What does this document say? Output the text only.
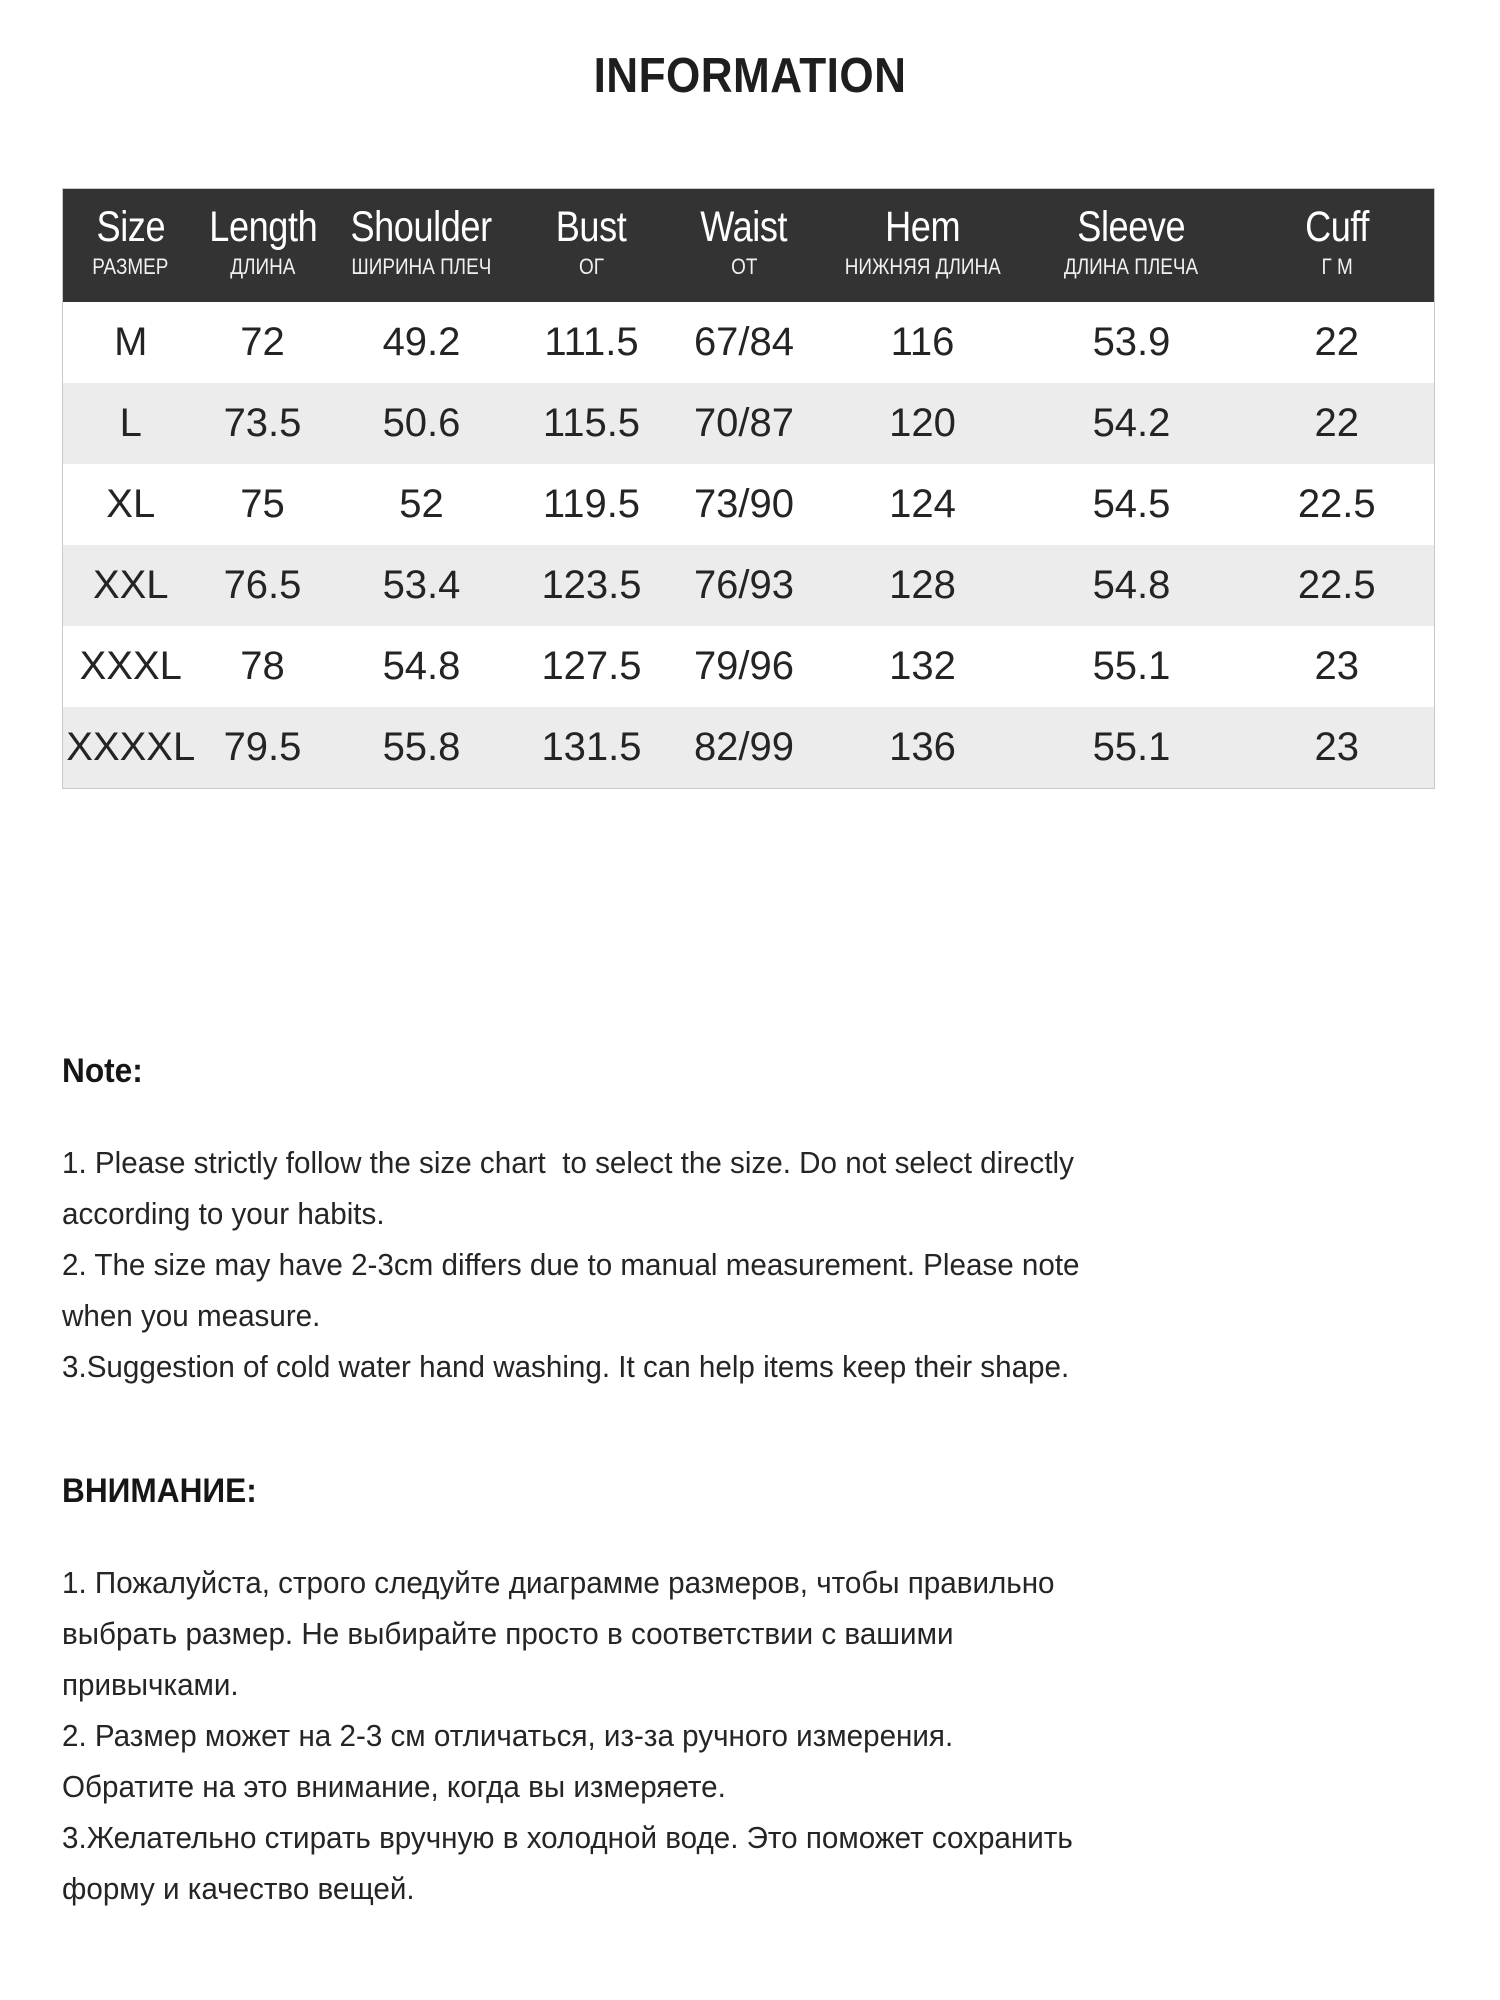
INFORMATION
Size	Length	Shoulder	Bust	Waist	Hem	Sleeve	Cuff
РАЗМЕР	ДЛИНА	ШИРИНА ПЛЕЧ	ОГ	ОТ	НИЖНЯЯ ДЛИНА	ДЛИНА ПЛЕЧА	Г М
M	72	49.2	111.5	67/84	116	53.9	22
L	73.5	50.6	115.5	70/87	120	54.2	22
XL	75	52	119.5	73/90	124	54.5	22.5
XXL	76.5	53.4	123.5	76/93	128	54.8	22.5
XXXL	78	54.8	127.5	79/96	132	55.1	23
XXXXL	79.5	55.8	131.5	82/99	136	55.1	23
Note:

1. Please strictly follow the size chart  to select the size. Do not select directly

according to your habits.

2. The size may have 2-3cm differs due to manual measurement. Please note

when you measure.

3.Suggestion of cold water hand washing. It can help items keep their shape.

ВНИМАНИЕ:

1. Пожалуйста, строго следуйте диаграмме размеров, чтобы правильно

выбрать размер. Не выбирайте просто в соответствии с вашими

привычками.

2. Размер может на 2-3 см отличаться, из-за ручного измерения.

Обратите на это внимание, когда вы измеряете.

3.Желательно стирать вручную в холодной воде. Это поможет сохранить

форму и качество вещей.
